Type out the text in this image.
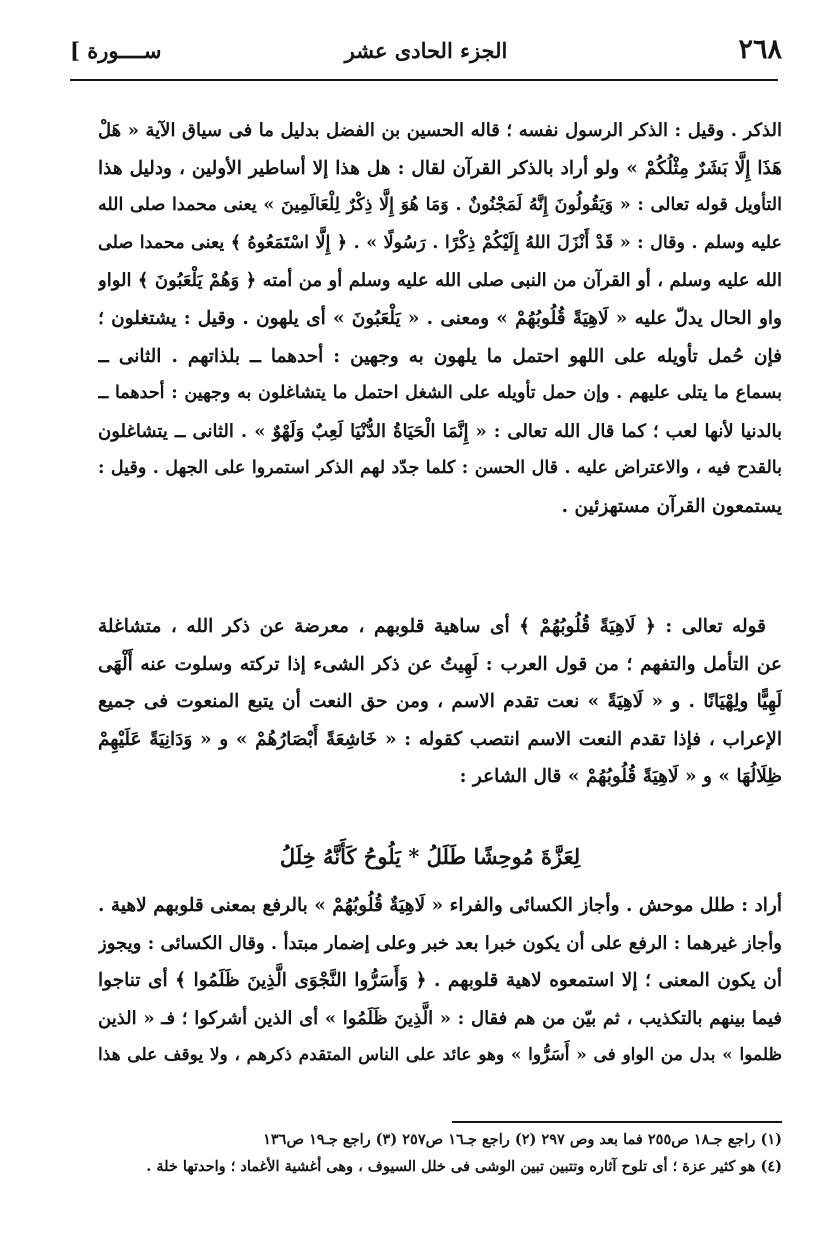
٢٦٨
الجزء الحادى عشر
[ ســــورة
الذكر . وقيل : الذكر الرسول نفسه ؛ قاله الحسين بن الفضل بدليل ما فى سياق الآية « هَلْ
هَذَا إِلَّا بَشَرٌ مِثْلُكُمْ » ولو أراد بالذكر القرآن لقال : هل هذا إلا أساطير الأولين ، ودليل هذا
التأويل قوله تعالى : « وَيَقُولُونَ إِنَّهُ لَمَجْنُونٌ . وَمَا هُوَ إِلَّا ذِكْرٌ لِلْعَالَمِينَ » يعنى محمدا صلى الله
عليه وسلم . وقال : « قَدْ أَنْزَلَ اللهُ إِلَيْكُمْ ذِكْرًا . رَسُولًا » . ﴿ إِلَّا اسْتَمَعُوهُ ﴾ يعنى محمدا صلى
الله عليه وسلم ، أو القرآن من النبى صلى الله عليه وسلم أو من أمته ﴿ وَهُمْ يَلْعَبُونَ ﴾ الواو
واو الحال يدلّ عليه « لَاهِيَةً قُلُوبُهُمْ » ومعنى . « يَلْعَبُونَ » أى يلهون . وقيل : يشتغلون ؛
فإن حُمل تأويله على اللهو احتمل ما يلهون به وجهين : أحدهما ــ بلذاتهم . الثانى ــ
بسماع ما يتلى عليهم . وإن حمل تأويله على الشغل احتمل ما يتشاغلون به وجهين : أحدهما ــ
بالدنيا لأنها لعب ؛ كما قال الله تعالى : « إِنَّمَا الْحَيَاةُ الدُّنْيَا لَعِبٌ وَلَهْوٌ » . الثانى ــ يتشاغلون
بالقدح فيه ، والاعتراض عليه . قال الحسن : كلما جدّد لهم الذكر استمروا على الجهل . وقيل :
يستمعون القرآن مستهزئين .
قوله تعالى : ﴿ لَاهِيَةً قُلُوبُهُمْ ﴾ أى ساهية قلوبهم ، معرضة عن ذكر الله ، متشاغلة
عن التأمل والتفهم ؛ من قول العرب : لَهِيتُ عن ذكر الشىء إذا تركته وسلوت عنه أَلْهَى
لَهِيًّا ولِهْيَانًا . و « لَاهِيَةً » نعت تقدم الاسم ، ومن حق النعت أن يتبع المنعوت فى جميع
الإعراب ، فإذا تقدم النعت الاسم انتصب كقوله : « خَاشِعَةً أَبْصَارُهُمْ » و « وَدَانِيَةً عَلَيْهِمْ
ظِلَالُهَا » و « لَاهِيَةً قُلُوبُهُمْ » قال الشاعر :
لِعَزَّةَ مُوحِشًا طَلَلُ * يَلُوحُ كَأَنَّهُ خِلَلُ
أراد : طلل موحش . وأجاز الكسائى والفراء « لَاهِيَةٌ قُلُوبُهُمْ » بالرفع بمعنى قلوبهم لاهية .
وأجاز غيرهما : الرفع على أن يكون خبرا بعد خبر وعلى إضمار مبتدأ . وقال الكسائى : ويجوز
أن يكون المعنى ؛ إلا استمعوه لاهية قلوبهم . ﴿ وَأَسَرُّوا النَّجْوَى الَّذِينَ ظَلَمُوا ﴾ أى تناجوا
فيما بينهم بالتكذيب ، ثم بيّن من هم فقال : « الَّذِينَ ظَلَمُوا » أى الذين أشركوا ؛ فـ « الذين
ظلموا » بدل من الواو فى « أَسَرُّوا » وهو عائد على الناس المتقدم ذكرهم ، ولا يوقف على هذا
(١) راجع جـ١٨ ص٢٥٥ فما بعد وص ٢٩٧ (٢) راجع جـ١٦ ص٢٥٧ (٣) راجع جـ١٩ ص١٣٦
(٤) هو كثير عزة ؛ أى تلوح آثاره وتتبين تبين الوشى فى خلل السيوف ، وهى أغشية الأغماد ؛ واحدتها خلة .
